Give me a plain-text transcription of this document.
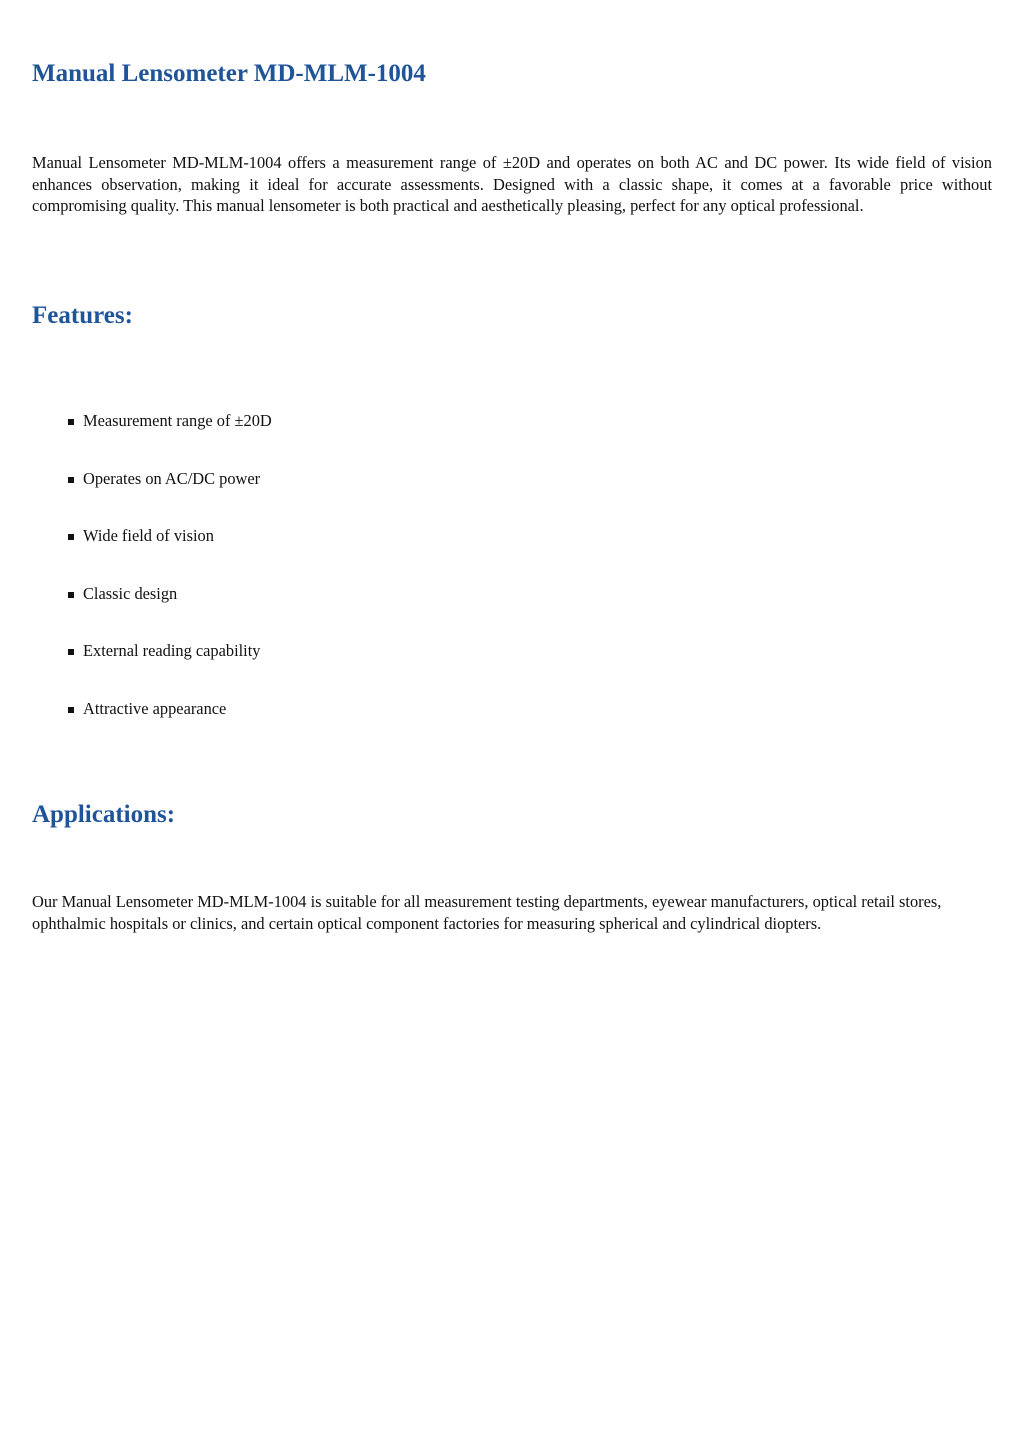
Manual Lensometer MD-MLM-1004

Manual Lensometer MD-MLM-1004 offers a measurement range of ±20D and operates on both AC and DC power. Its wide field of vision enhances observation, making it ideal for accurate assessments. Designed with a classic shape, it comes at a favorable price without compromising quality. This manual lensometer is both practical and aesthetically pleasing, perfect for any optical professional.

Features:
Measurement range of ±20D
Operates on AC/DC power
Wide field of vision
Classic design
External reading capability
Attractive appearance
Applications:

Our Manual Lensometer MD-MLM-1004 is suitable for all measurement testing departments, eyewear manufacturers, optical retail stores, ophthalmic hospitals or clinics, and certain optical component factories for measuring spherical and cylindrical diopters.
